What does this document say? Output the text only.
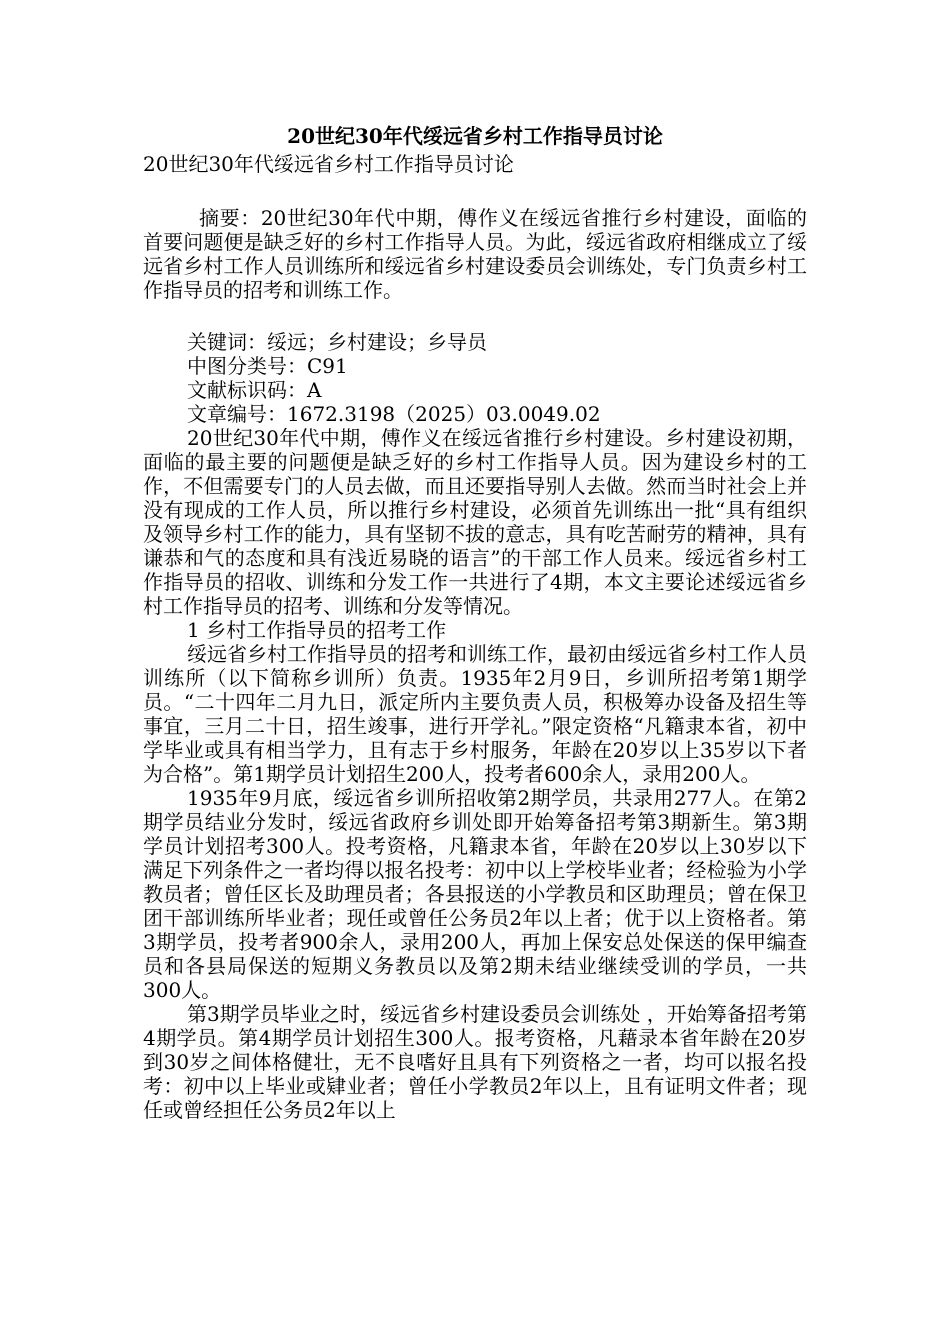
20世纪30年代绥远省乡村工作指导员讨论

20世纪30年代绥远省乡村工作指导员讨论

摘要：20世纪30年代中期，傅作义在绥远省推行乡村建设，面临的首要问题便是缺乏好的乡村工作指导人员。为此，绥远省政府相继成立了绥远省乡村工作人员训练所和绥远省乡村建设委员会训练处，专门负责乡村工作指导员的招考和训练工作。

关键词：绥远；乡村建设；乡导员

中图分类号：C91

文献标识码：A

文章编号：1672.3198（2025）03.0049.02

20世纪30年代中期，傅作义在绥远省推行乡村建设。乡村建设初期，面临的最主要的问题便是缺乏好的乡村工作指导人员。因为建设乡村的工作，不但需要专门的人员去做，而且还要指导别人去做。然而当时社会上并没有现成的工作人员，所以推行乡村建设，必须首先训练出一批“具有组织及领导乡村工作的能力，具有坚韧不拔的意志，具有吃苦耐劳的精神，具有谦恭和气的态度和具有浅近易晓的语言”的干部工作人员来。绥远省乡村工作指导员的招收、训练和分发工作一共进行了4期，本文主要论述绥远省乡村工作指导员的招考、训练和分发等情况。

1 乡村工作指导员的招考工作

绥远省乡村工作指导员的招考和训练工作，最初由绥远省乡村工作人员训练所（以下简称乡训所）负责。1935年2月9日，乡训所招考第1期学员。“二十四年二月九日，派定所内主要负责人员，积极筹办设备及招生等事宜，三月二十日，招生竣事，进行开学礼。”限定资格“凡籍隶本省，初中学毕业或具有相当学力，且有志于乡村服务，年龄在20岁以上35岁以下者为合格”。第1期学员计划招生200人，投考者600余人，录用200人。

1935年9月底，绥远省乡训所招收第2期学员，共录用277人。在第2期学员结业分发时，绥远省政府乡训处即开始筹备招考第3期新生。第3期学员计划招考300人。投考资格，凡籍隶本省，年龄在20岁以上30岁以下满足下列条件之一者均得以报名投考：初中以上学校毕业者；经检验为小学教员者；曾任区长及助理员者；各县报送的小学教员和区助理员；曾在保卫团干部训练所毕业者；现任或曾任公务员2年以上者；优于以上资格者。第3期学员，投考者900余人，录用200人，再加上保安总处保送的保甲编查员和各县局保送的短期义务教员以及第2期未结业继续受训的学员，一共300人。

第3期学员毕业之时，绥远省乡村建设委员会训练处 ，开始筹备招考第4期学员。第4期学员计划招生300人。报考资格，凡藉录本省年龄在20岁到30岁之间体格健壮，无不良嗜好且具有下列资格之一者，均可以报名投考：初中以上毕业或肄业者；曾任小学教员2年以上，且有证明文件者；现任或曾经担任公务员2年以上
